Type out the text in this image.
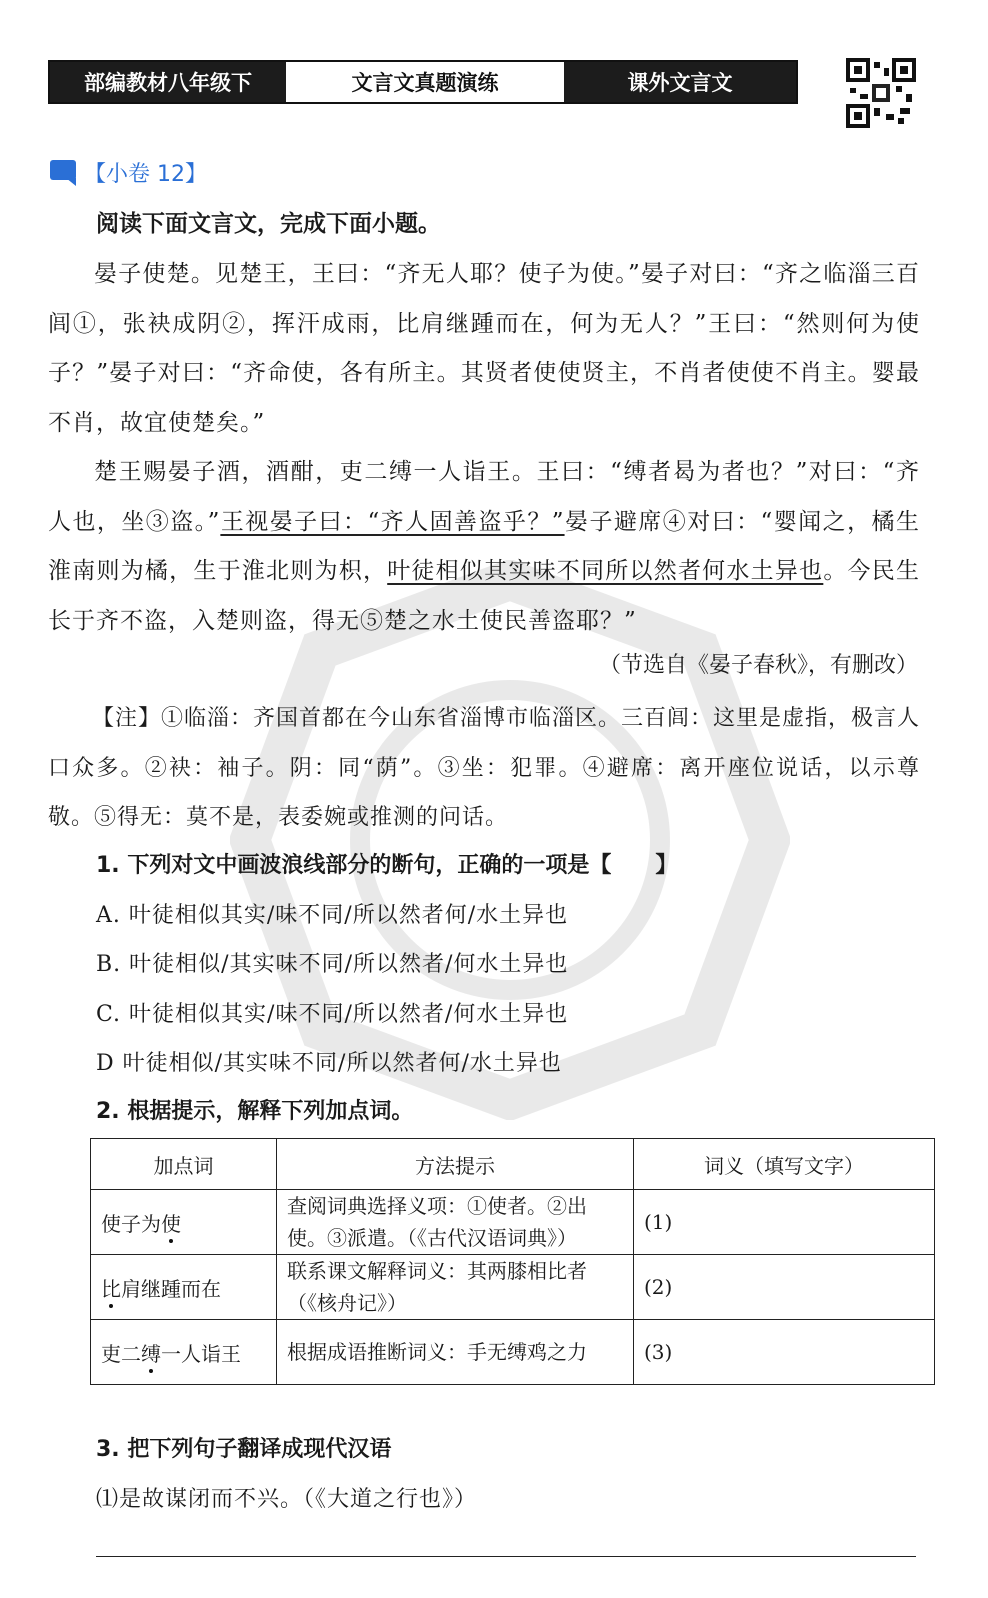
部编教材八年级下	文言文真题演练	课外文言文
【小卷 12】
阅读下面文言文，完成下面小题。

晏子使楚。见楚王，王曰：“齐无人耶？使子为使。”晏子对曰：“齐之临淄三百闾①，张袂成阴②，挥汗成雨，比肩继踵而在，何为无人？”王曰：“然则何为使子？”晏子对曰：“齐命使，各有所主。其贤者使使贤主，不肖者使使不肖主。婴最不肖，故宜使楚矣。”

楚王赐晏子酒，酒酣，吏二缚一人诣王。王曰：“缚者曷为者也？”对曰：“齐人也，坐③盗。”王视晏子曰：“齐人固善盗乎？”晏子避席④对曰：“婴闻之，橘生淮南则为橘，生于淮北则为枳，叶徒相似其实味不同所以然者何水土异也。今民生长于齐不盗，入楚则盗，得无⑤楚之水土使民善盗耶？”

（节选自《晏子春秋》，有删改）

【注】①临淄：齐国首都在今山东省淄博市临淄区。三百闾：这里是虚指，极言人口众多。②袂：袖子。阴：同“荫”。③坐：犯罪。④避席：离开座位说话，以示尊敬。⑤得无：莫不是，表委婉或推测的问话。

1. 下列对文中画波浪线部分的断句，正确的一项是【　　】
A. 叶徒相似其实/味不同/所以然者何/水土异也
B. 叶徒相似/其实味不同/所以然者/何水土异也
C. 叶徒相似其实/味不同/所以然者/何水土异也
D 叶徒相似/其实味不同/所以然者何/水土异也
2. 根据提示，解释下列加点词。
加点词	方法提示	词义（填写文字）
使子为使	查阅词典选择义项：①使者。②出使。③派遣。（《古代汉语词典》）	(1)
比肩继踵而在	联系课文解释词义：其两膝相比者（《核舟记》）	(2)
吏二缚一人诣王	根据成语推断词义：手无缚鸡之力	(3)
3. 把下列句子翻译成现代汉语
⑴是故谋闭而不兴。（《大道之行也》）
